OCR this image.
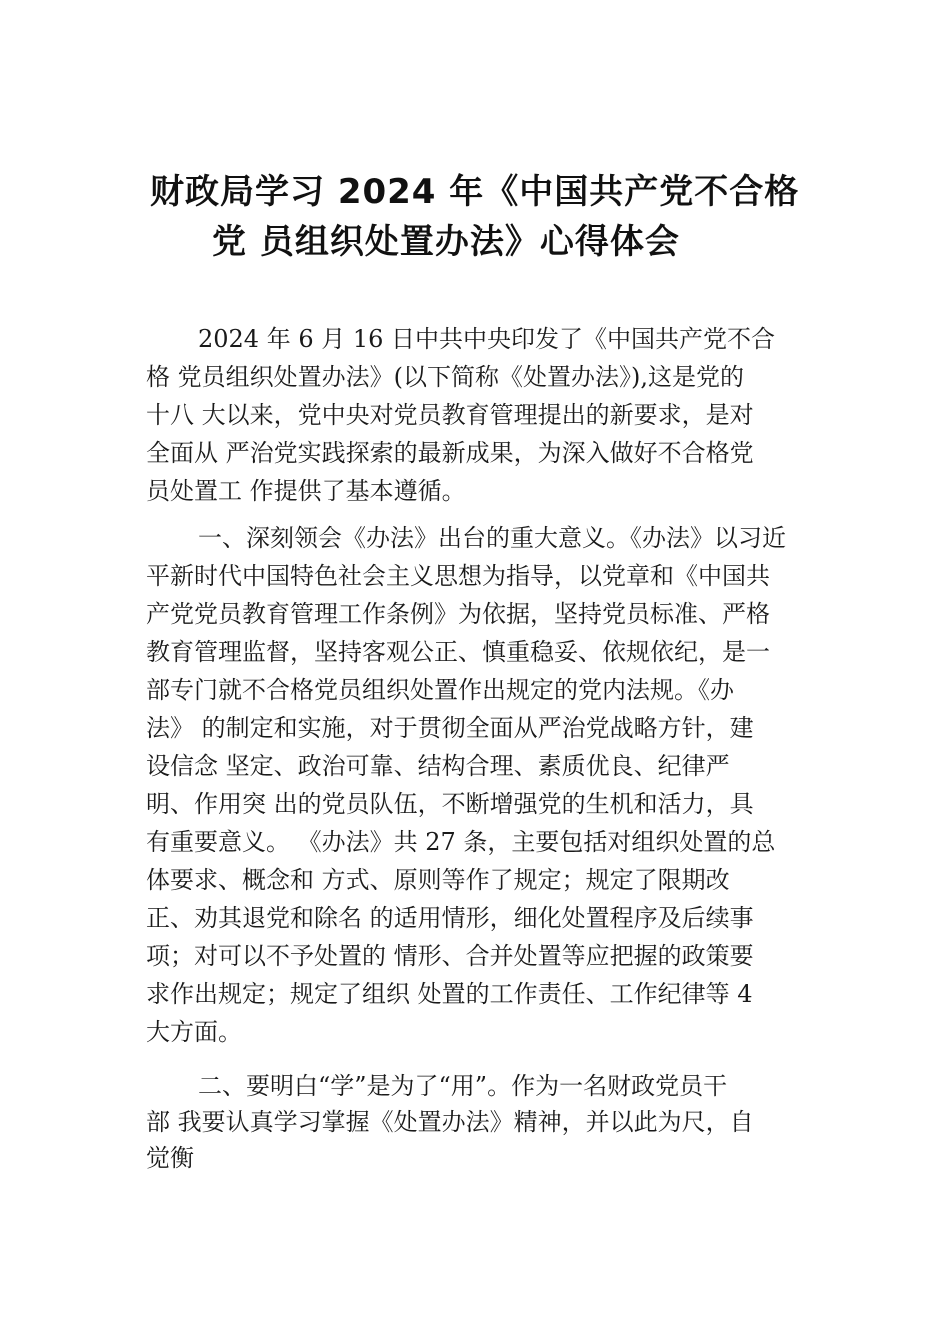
财政局学习 2024 年《中国共产党不合格
党 员组织处置办法》心得体会
2024 年 6 月 16 日中共中央印发了《中国共产党不合
格 党员组织处置办法》(以下简称《处置办法》),这是党的
十八 大以来，党中央对党员教育管理提出的新要求，是对
全面从 严治党实践探索的最新成果，为深入做好不合格党
员处置工 作提供了基本遵循。
一、深刻领会《办法》出台的重大意义。《办法》以习近
平新时代中国特色社会主义思想为指导，以党章和《中国共
产党党员教育管理工作条例》为依据，坚持党员标准、严格
教育管理监督，坚持客观公正、慎重稳妥、依规依纪，是一
部专门就不合格党员组织处置作出规定的党内法规。《办
法》 的制定和实施，对于贯彻全面从严治党战略方针，建
设信念 坚定、政治可靠、结构合理、素质优良、纪律严
明、作用突 出的党员队伍，不断增强党的生机和活力，具
有重要意义。 《办法》共 27 条，主要包括对组织处置的总
体要求、概念和 方式、原则等作了规定；规定了限期改
正、劝其退党和除名 的适用情形，细化处置程序及后续事
项；对可以不予处置的 情形、合并处置等应把握的政策要
求作出规定；规定了组织 处置的工作责任、工作纪律等 4
大方面。
二、要明白“学”是为了“用”。作为一名财政党员干
部 我要认真学习掌握《处置办法》精神，并以此为尺，自
觉衡
